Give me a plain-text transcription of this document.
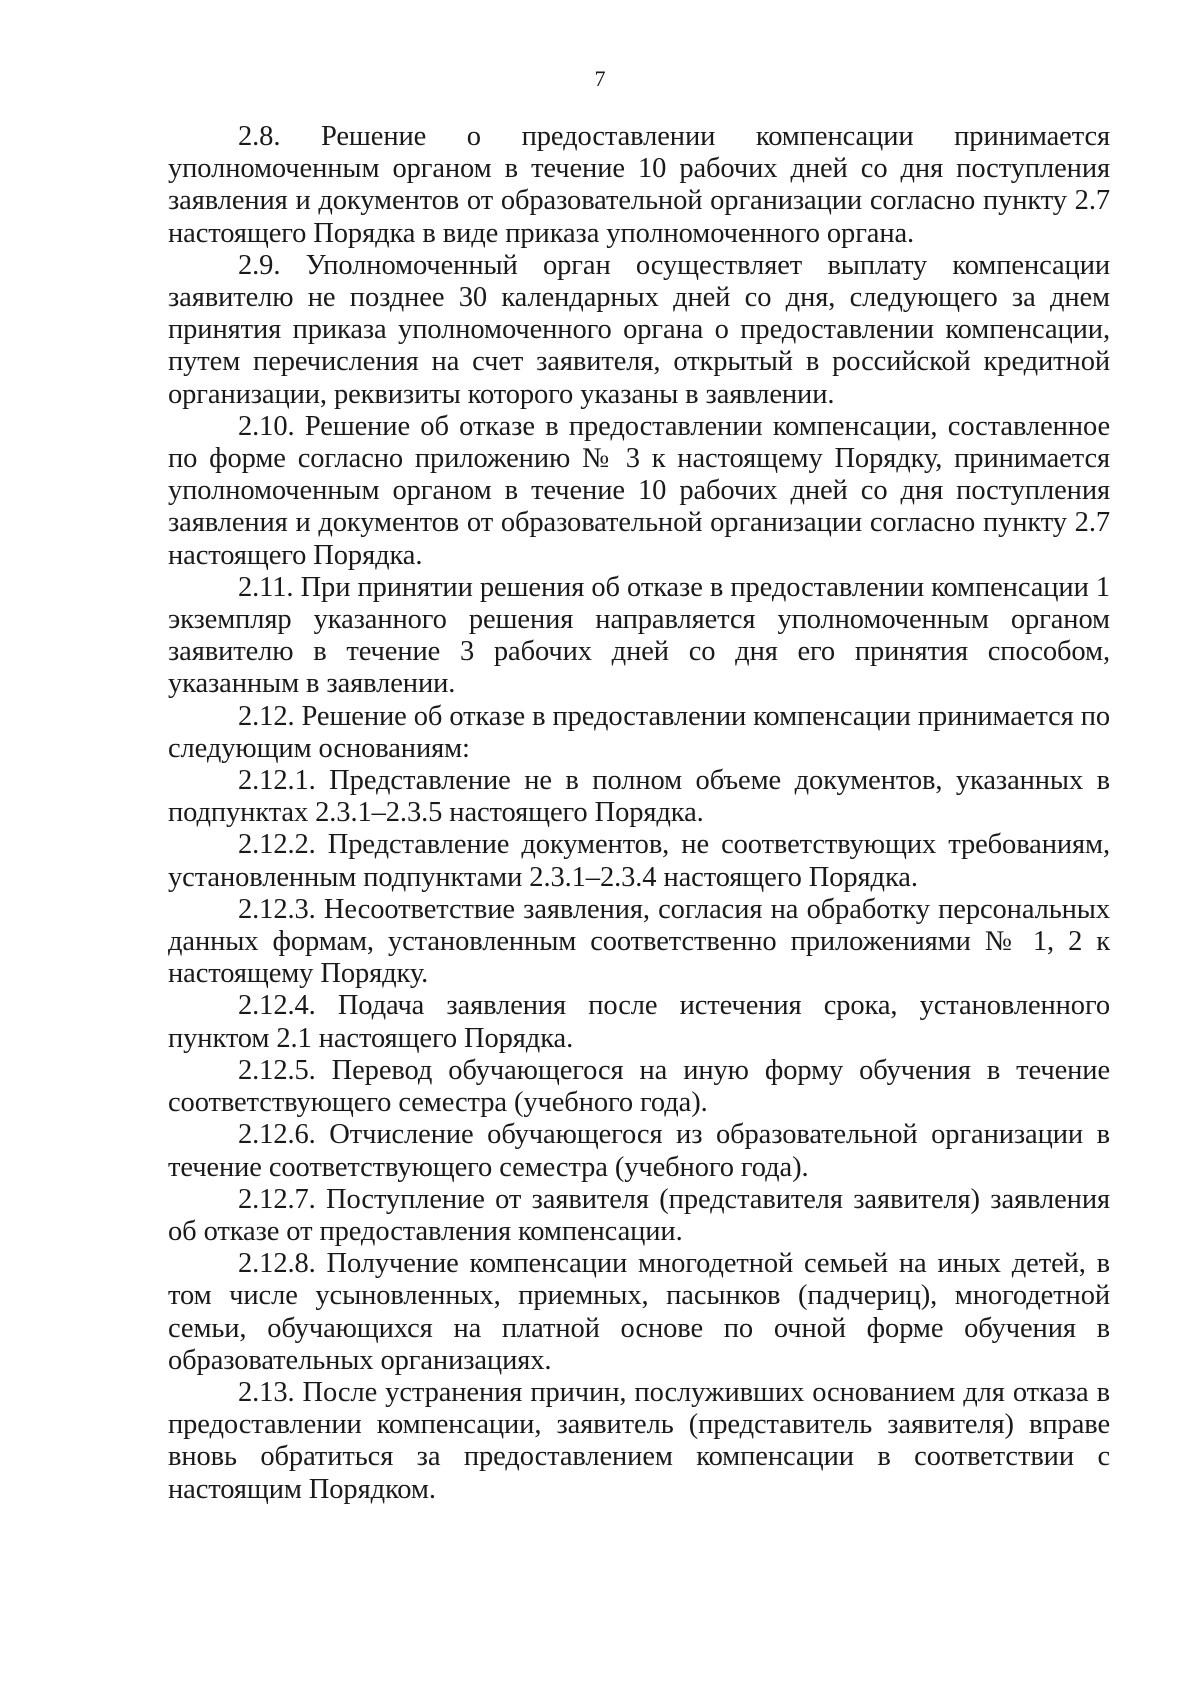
7

2.8. Решение о предоставлении компенсации принимается уполномоченным органом в течение 10 рабочих дней со дня поступления заявления и документов от образовательной организации согласно пункту 2.7 настоящего Порядка в виде приказа уполномоченного органа.

2.9. Уполномоченный орган осуществляет выплату компенсации заявителю не позднее 30 календарных дней со дня, следующего за днем принятия приказа уполномоченного органа о предоставлении компенсации, путем перечисления на счет заявителя, открытый в российской кредитной организации, реквизиты которого указаны в заявлении.

2.10. Решение об отказе в предоставлении компенсации, составленное по форме согласно приложению № 3 к настоящему Порядку, принимается уполномоченным органом в течение 10 рабочих дней со дня поступления заявления и документов от образовательной организации согласно пункту 2.7 настоящего Порядка.

2.11. При принятии решения об отказе в предоставлении компенсации 1 экземпляр указанного решения направляется уполномоченным органом заявителю в течение 3 рабочих дней со дня его принятия способом, указанным в заявлении.

2.12. Решение об отказе в предоставлении компенсации принимается по следующим основаниям:

2.12.1. Представление не в полном объеме документов, указанных в подпунктах 2.3.1–2.3.5 настоящего Порядка.

2.12.2. Представление документов, не соответствующих требованиям, установленным подпунктами 2.3.1–2.3.4 настоящего Порядка.

2.12.3. Несоответствие заявления, согласия на обработку персональных данных формам, установленным соответственно приложениями № 1, 2 к настоящему Порядку.

2.12.4. Подача заявления после истечения срока, установленного пунктом 2.1 настоящего Порядка.

2.12.5. Перевод обучающегося на иную форму обучения в течение соответствующего семестра (учебного года).

2.12.6. Отчисление обучающегося из образовательной организации в течение соответствующего семестра (учебного года).

2.12.7. Поступление от заявителя (представителя заявителя) заявления об отказе от предоставления компенсации.

2.12.8. Получение компенсации многодетной семьей на иных детей, в том числе усыновленных, приемных, пасынков (падчериц), многодетной семьи, обучающихся на платной основе по очной форме обучения в образовательных организациях.

2.13. После устранения причин, послуживших основанием для отказа в предоставлении компенсации, заявитель (представитель заявителя) вправе вновь обратиться за предоставлением компенсации в соответствии с настоящим Порядком.
